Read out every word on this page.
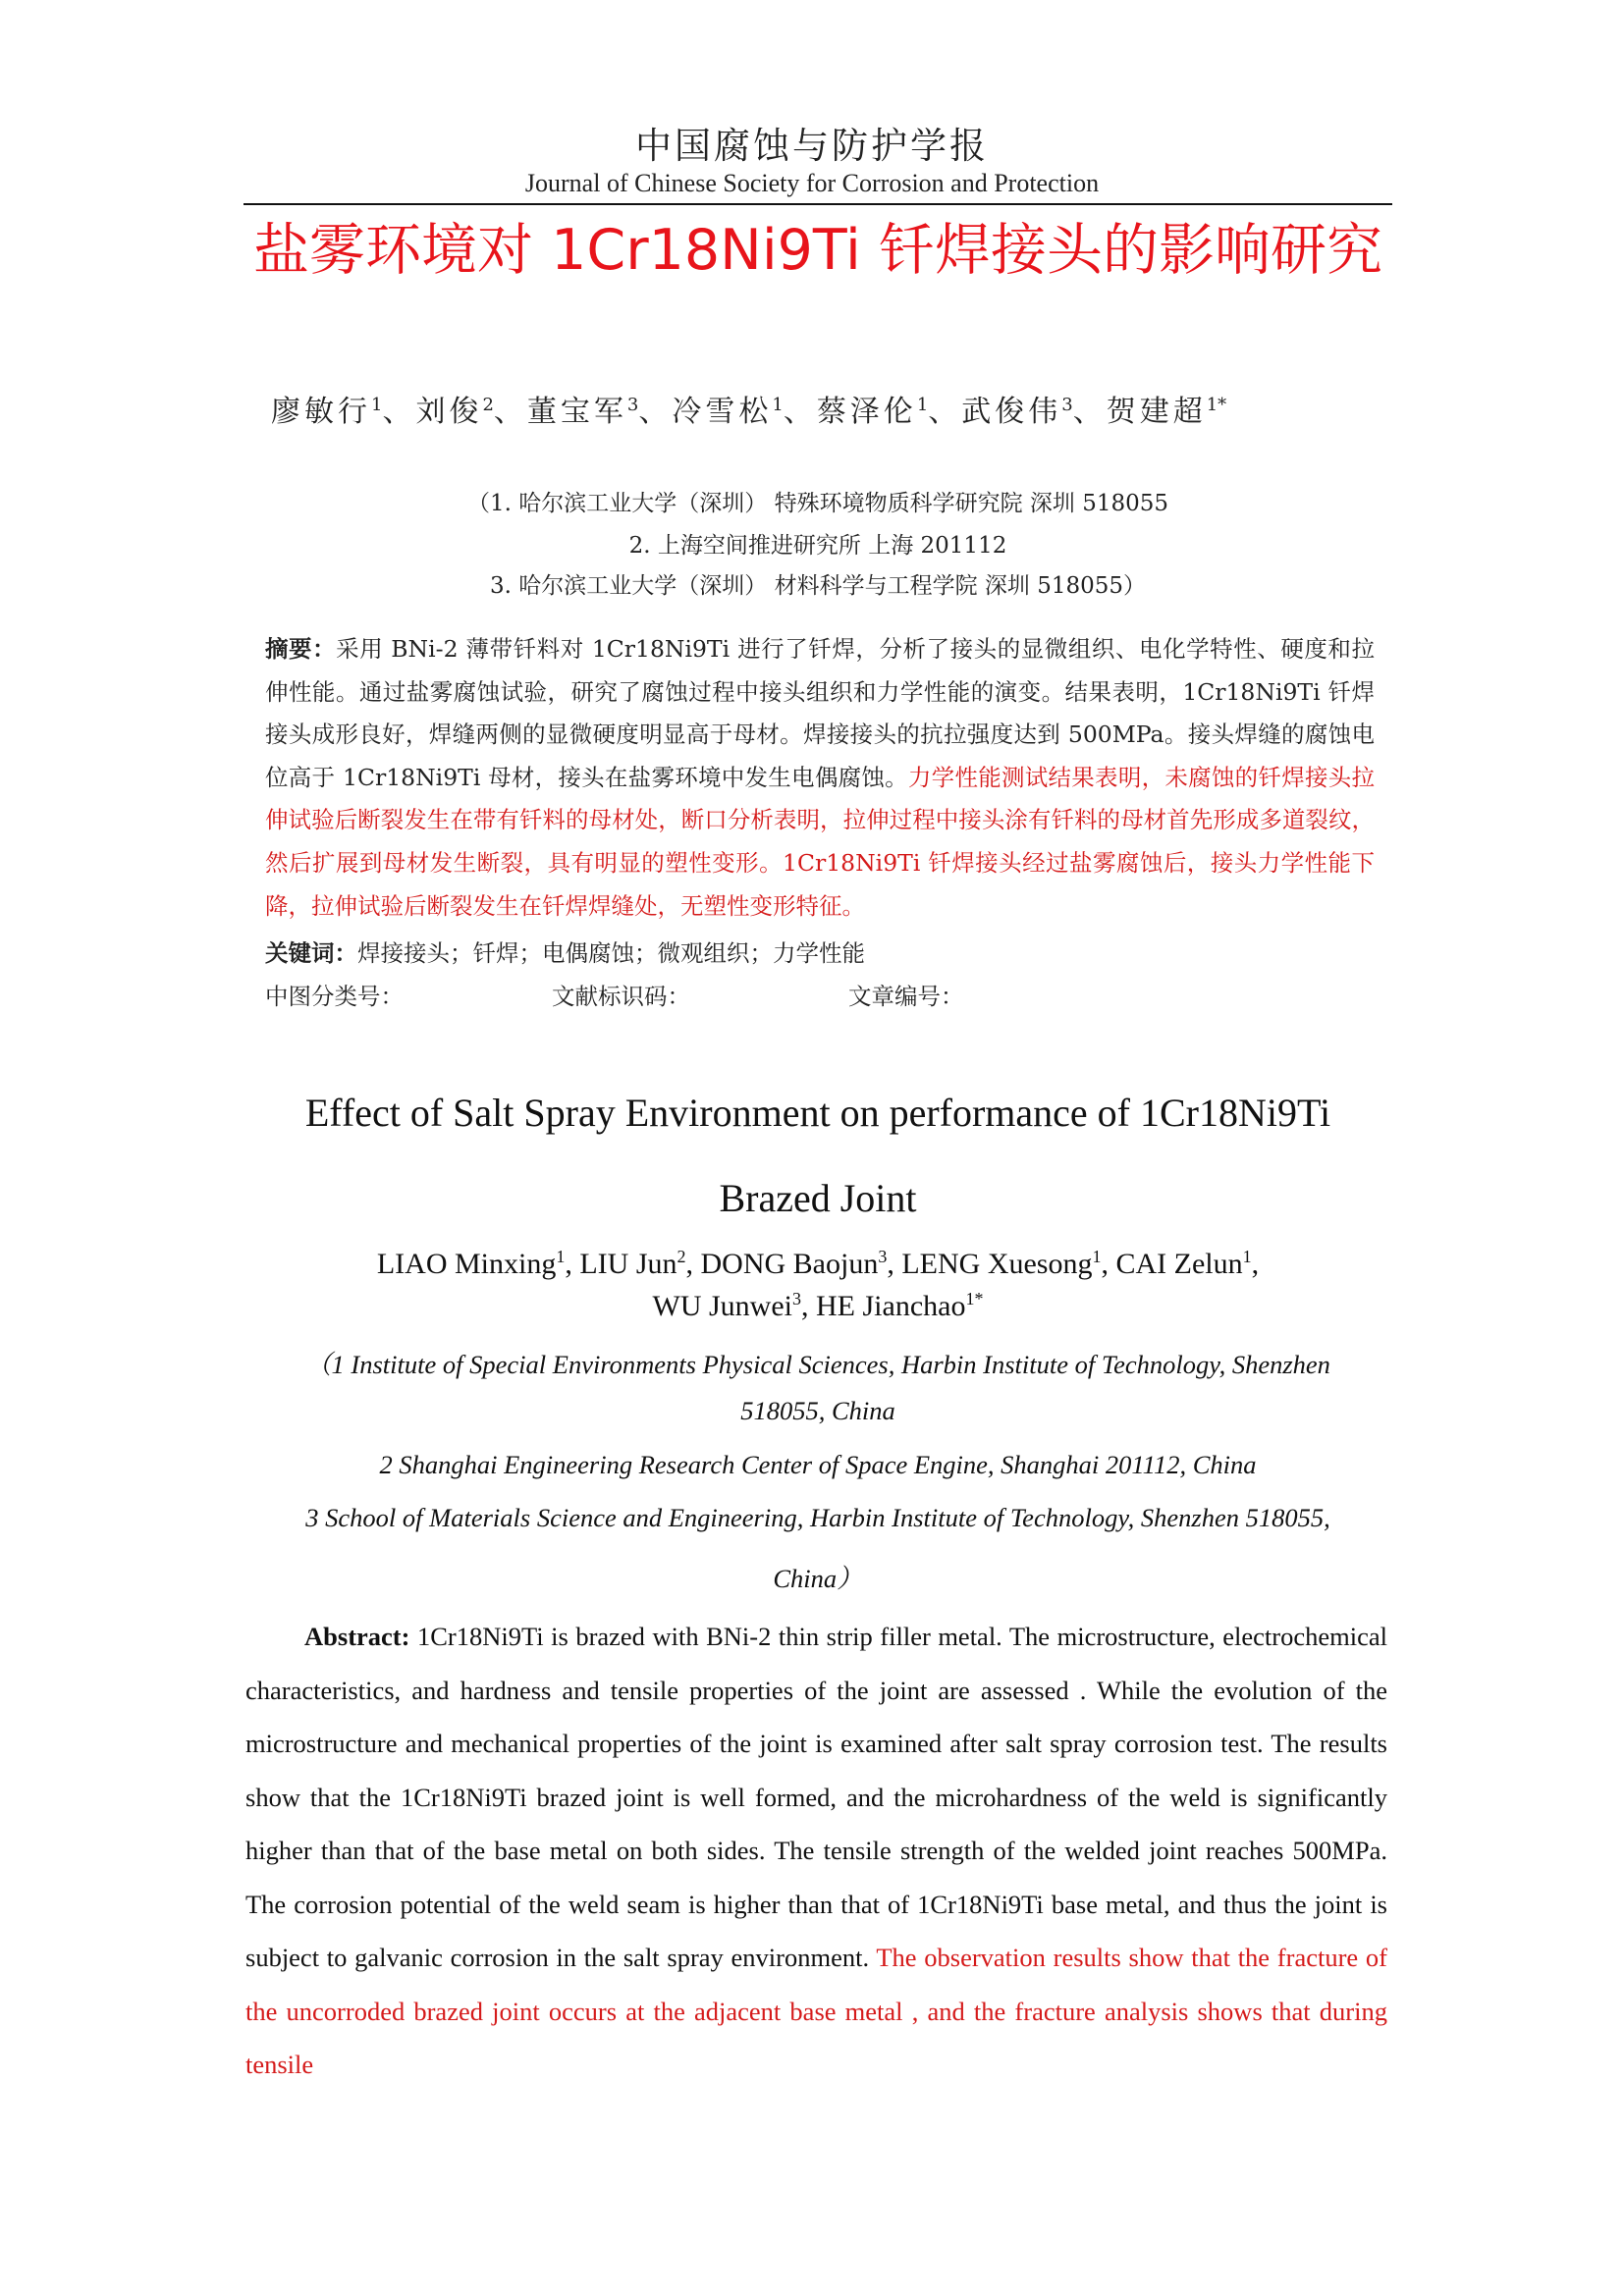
中国腐蚀与防护学报
Journal of Chinese Society for Corrosion and Protection
盐雾环境对 1Cr18Ni9Ti 钎焊接头的影响研究
廖敏行$^1$、刘俊$^2$、董宝军$^3$、冷雪松$^1$、蔡泽伦$^1$、武俊伟$^3$、贺建超$^{1*}$
（1. 哈尔滨工业大学（深圳） 特殊环境物质科学研究院 深圳 518055
2. 上海空间推进研究所 上海 201112
3. 哈尔滨工业大学（深圳） 材料科学与工程学院 深圳 518055）
摘要：采用 BNi-2 薄带钎料对 1Cr18Ni9Ti 进行了钎焊，分析了接头的显微组织、电化学特性、硬度和拉伸性能。通过盐雾腐蚀试验，研究了腐蚀过程中接头组织和力学性能的演变。结果表明，1Cr18Ni9Ti 钎焊接头成形良好，焊缝两侧的显微硬度明显高于母材。焊接接头的抗拉强度达到 500MPa。接头焊缝的腐蚀电位高于 1Cr18Ni9Ti 母材，接头在盐雾环境中发生电偶腐蚀。力学性能测试结果表明，未腐蚀的钎焊接头拉伸试验后断裂发生在带有钎料的母材处，断口分析表明，拉伸过程中接头涂有钎料的母材首先形成多道裂纹，然后扩展到母材发生断裂，具有明显的塑性变形。1Cr18Ni9Ti 钎焊接头经过盐雾腐蚀后，接头力学性能下降，拉伸试验后断裂发生在钎焊焊缝处，无塑性变形特征。
关键词：焊接接头；钎焊；电偶腐蚀；微观组织；力学性能
中图分类号：	文献标识码：	文章编号：
Effect of Salt Spray Environment on performance of 1Cr18Ni9Ti
Brazed Joint
LIAO Minxing$^1$, LIU Jun$^2$, DONG Baojun$^3$, LENG Xuesong$^1$, CAI Zelun$^1$,
WU Junwei$^3$, HE Jianchao$^{1*}$
（1 Institute of Special Environments Physical Sciences, Harbin Institute of Technology, Shenzhen
518055, China
2 Shanghai Engineering Research Center of Space Engine, Shanghai 201112, China
3 School of Materials Science and Engineering, Harbin Institute of Technology, Shenzhen 518055,
China）
Abstract: 1Cr18Ni9Ti is brazed with BNi-2 thin strip filler metal. The microstructure, electrochemical characteristics, and hardness and tensile properties of the joint are assessed . While the evolution of the microstructure and mechanical properties of the joint is examined after salt spray corrosion test. The results show that the 1Cr18Ni9Ti brazed joint is well formed, and the microhardness of the weld is significantly higher than that of the base metal on both sides. The tensile strength of the welded joint reaches 500MPa. The corrosion potential of the weld seam is higher than that of 1Cr18Ni9Ti base metal, and thus the joint is subject to galvanic corrosion in the salt spray environment. The observation results show that the fracture of the uncorroded brazed joint occurs at the adjacent base metal , and the fracture analysis shows that during tensile
